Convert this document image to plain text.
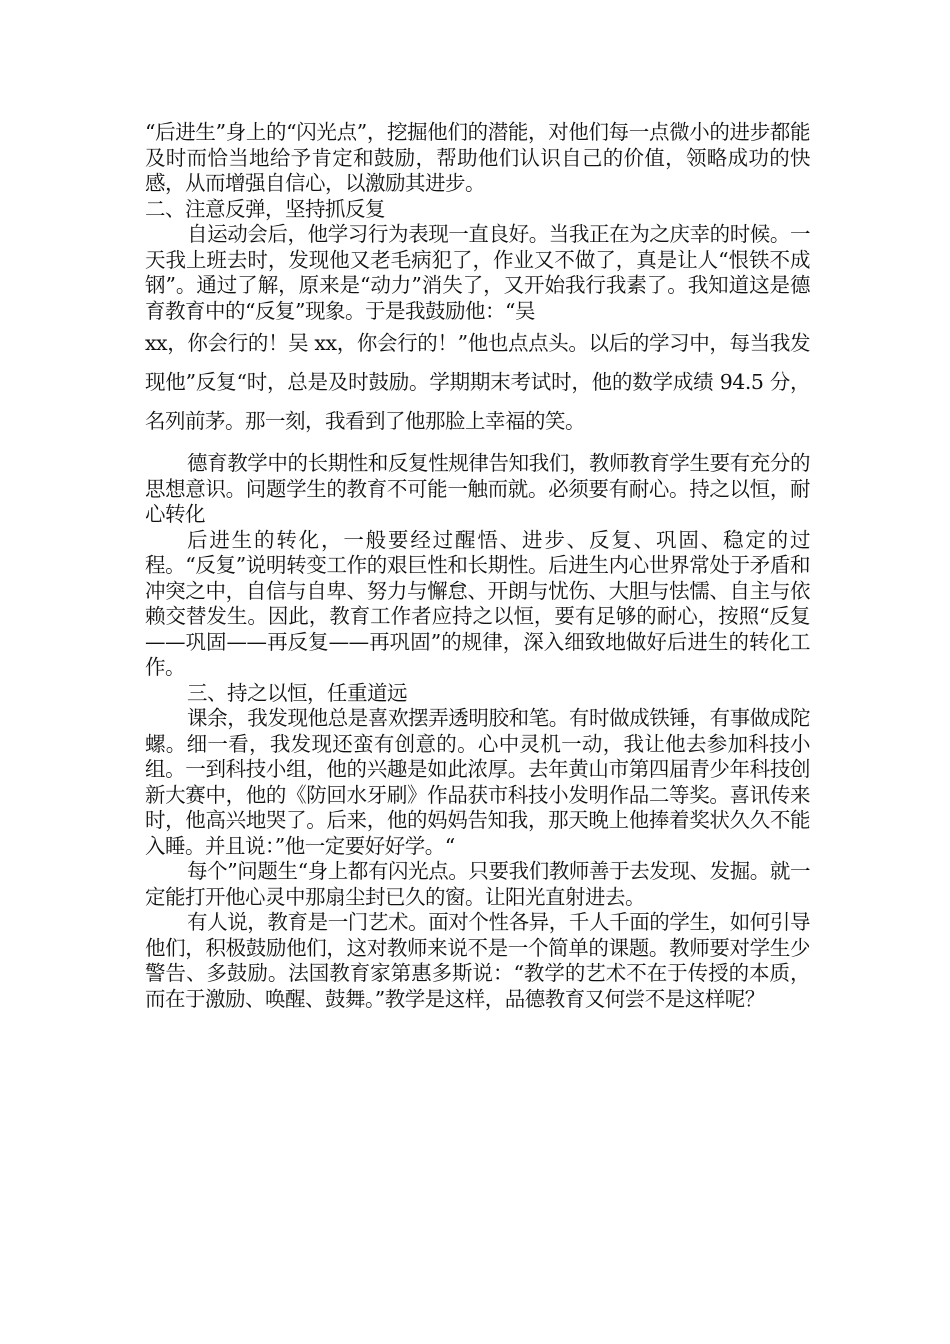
“后进生”身上的“闪光点”，挖掘他们的潜能，对他们每一点微小的进步都能及时而恰当地给予肯定和鼓励，帮助他们认识自己的价值，领略成功的快感，从而增强自信心，以激励其进步。

二、注意反弹，坚持抓反复

自运动会后，他学习行为表现一直良好。当我正在为之庆幸的时候。一天我上班去时，发现他又老毛病犯了，作业又不做了，真是让人“恨铁不成钢”。通过了解，原来是“动力”消失了，又开始我行我素了。我知道这是德育教育中的“反复”现象。于是我鼓励他：“吴

xx，你会行的！吴 xx，你会行的！”他也点点头。以后的学习中，每当我发现他”反复“时，总是及时鼓励。学期期末考试时，他的数学成绩 94.5 分，名列前茅。那一刻，我看到了他那脸上幸福的笑。

德育教学中的长期性和反复性规律告知我们，教师教育学生要有充分的思想意识。问题学生的教育不可能一触而就。必须要有耐心。持之以恒，耐心转化

后进生的转化，一般要经过醒悟、进步、反复、巩固、稳定的过程。“反复”说明转变工作的艰巨性和长期性。后进生内心世界常处于矛盾和冲突之中，自信与自卑、努力与懈怠、开朗与忧伤、大胆与怯懦、自主与依赖交替发生。因此，教育工作者应持之以恒，要有足够的耐心，按照“反复——巩固——再反复——再巩固”的规律，深入细致地做好后进生的转化工作。

三、持之以恒，任重道远

课余，我发现他总是喜欢摆弄透明胶和笔。有时做成铁锤，有事做成陀螺。细一看，我发现还蛮有创意的。心中灵机一动，我让他去参加科技小组。一到科技小组，他的兴趣是如此浓厚。去年黄山市第四届青少年科技创新大赛中，他的《防回水牙刷》作品获市科技小发明作品二等奖。喜讯传来时，他高兴地哭了。后来，他的妈妈告知我，那天晚上他捧着奖状久久不能入睡。并且说：”他一定要好好学。“

每个”问题生“身上都有闪光点。只要我们教师善于去发现、发掘。就一定能打开他心灵中那扇尘封已久的窗。让阳光直射进去。

有人说，教育是一门艺术。面对个性各异，千人千面的学生，如何引导他们，积极鼓励他们，这对教师来说不是一个简单的课题。教师要对学生少警告、多鼓励。法国教育家第惠多斯说：“教学的艺术不在于传授的本质，而在于激励、唤醒、鼓舞。”教学是这样，品德教育又何尝不是这样呢？
